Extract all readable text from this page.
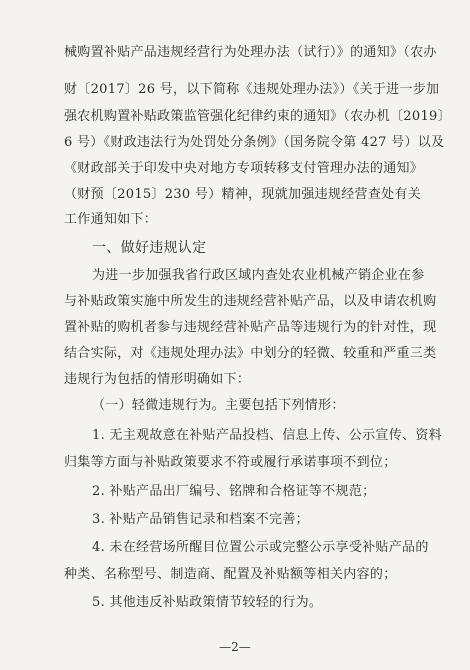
械购置补贴产品违规经营行为处理办法（试行）》的通知》（农办
财〔2017〕26 号，以下简称《违规处理办法》）《关于进一步加
强农机购置补贴政策监管强化纪律约束的通知》（农办机〔2019〕
6 号）《财政违法行为处罚处分条例》（国务院令第 427 号）以及
《财政部关于印发中央对地方专项转移支付管理办法的通知》
（财预〔2015〕230 号）精神，现就加强违规经营查处有关
工作通知如下：
一、做好违规认定
为进一步加强我省行政区域内查处农业机械产销企业在参
与补贴政策实施中所发生的违规经营补贴产品，以及申请农机购
置补贴的购机者参与违规经营补贴产品等违规行为的针对性，现
结合实际，对《违规处理办法》中划分的轻微、较重和严重三类
违规行为包括的情形明确如下：
（一）轻微违规行为。主要包括下列情形：
1. 无主观故意在补贴产品投档、信息上传、公示宣传、资料
归集等方面与补贴政策要求不符或履行承诺事项不到位；
2. 补贴产品出厂编号、铭牌和合格证等不规范；
3. 补贴产品销售记录和档案不完善；
4. 未在经营场所醒目位置公示或完整公示享受补贴产品的
种类、名称型号、制造商、配置及补贴额等相关内容的；
5. 其他违反补贴政策情节较轻的行为。
—2—
